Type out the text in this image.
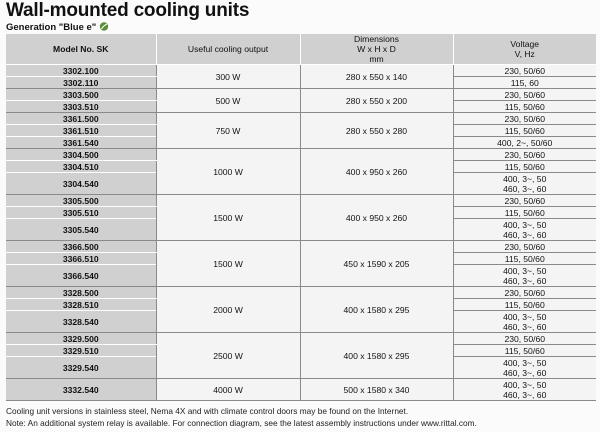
Wall-mounted cooling units
Generation "Blue e"
Model No. SK	Useful cooling output	Dimensions
W x H x D
mm	Voltage
V, Hz
3302.100	300 W	280 x 550 x 140	230, 50/60
3302.110			115, 60
3303.500	500 W	280 x 550 x 200	230, 50/60
3303.510			115, 50/60
3361.500	750 W	280 x 550 x 280	230, 50/60
3361.510			115, 50/60
3361.540			400, 2~, 50/60
3304.500	1000 W	400 x 950 x 260	230, 50/60
3304.510			115, 50/60
3304.540			400, 3~, 50
460, 3~, 60
3305.500	1500 W	400 x 950 x 260	230, 50/60
3305.510			115, 50/60
3305.540			400, 3~, 50
460, 3~, 60
3366.500	1500 W	450 x 1590 x 205	230, 50/60
3366.510			115, 50/60
3366.540			400, 3~, 50
460, 3~, 60
3328.500	2000 W	400 x 1580 x 295	230, 50/60
3328.510			115, 50/60
3328.540			400, 3~, 50
460, 3~, 60
3329.500	2500 W	400 x 1580 x 295	230, 50/60
3329.510			115, 50/60
3329.540			400, 3~, 50
460, 3~, 60
3332.540	4000 W	500 x 1580 x 340	400, 3~, 50
460, 3~, 60
Cooling unit versions in stainless steel, Nema 4X and with climate control doors may be found on the Internet.
Note: An additional system relay is available. For connection diagram, see the latest assembly instructions under www.rittal.com.
